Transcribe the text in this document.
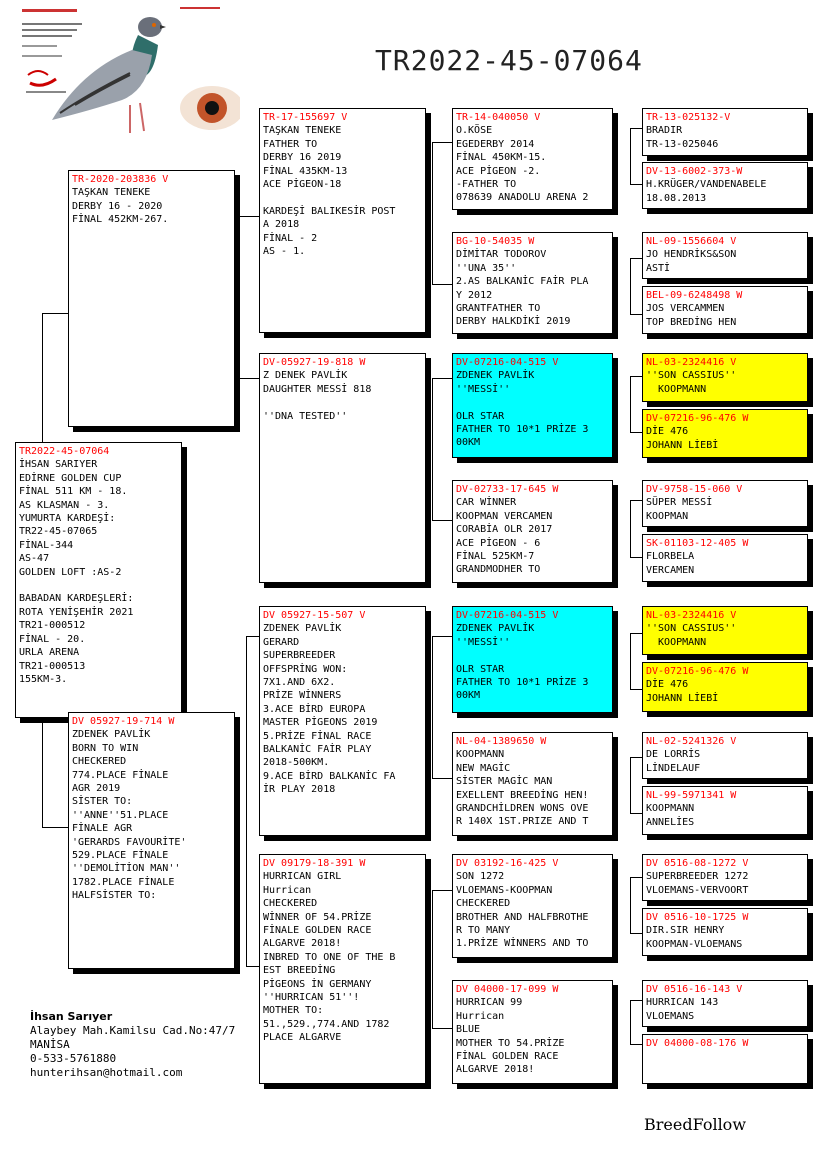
TR2022-45-07064
TR2022-45-07064
İHSAN SARIYER
EDİRNE GOLDEN CUP
FİNAL 511 KM - 18.
AS KLASMAN - 3.
YUMURTA KARDEŞİ:
TR22-45-07065
FİNAL-344
AS-47
GOLDEN LOFT :AS-2

BABADAN KARDEŞLERİ:
ROTA YENİŞEHİR 2021
TR21-000512
FİNAL - 20.
URLA ARENA
TR21-000513
155KM-3.
TR-2020-203836 V
TAŞKAN TENEKE
DERBY 16 - 2020
FİNAL 452KM-267.
DV 05927-19-714 W
ZDENEK PAVLİK
BORN TO WIN
CHECKERED
774.PLACE FİNALE
AGR 2019
SİSTER TO:
''ANNE''51.PLACE
FİNALE AGR
'GERARDS FAVOURİTE'
529.PLACE FİNALE
''DEMOLİTİON MAN''
1782.PLACE FİNALE
HALFSİSTER TO:
TR-17-155697 V
TAŞKAN TENEKE
FATHER TO
DERBY 16 2019
FİNAL 435KM-13
ACE PİGEON-18

KARDEŞİ BALIKESİR POST
A 2018
FİNAL - 2
AS - 1.
DV-05927-19-818 W
Z DENEK PAVLİK
DAUGHTER MESSİ 818

''DNA TESTED''
DV 05927-15-507 V
ZDENEK PAVLİK
GERARD
SUPERBREEDER
OFFSPRİNG WON:
7X1.AND 6X2.
PRİZE WİNNERS
3.ACE BİRD EUROPA
MASTER PİGEONS 2019
5.PRİZE FİNAL RACE
BALKANİC FAİR PLAY
2018-500KM.
9.ACE BİRD BALKANİC FA
İR PLAY 2018
DV 09179-18-391 W
HURRICAN GIRL
Hurrican
CHECKERED
WİNNER OF 54.PRİZE
FİNALE GOLDEN RACE
ALGARVE 2018!
INBRED TO ONE OF THE B
EST BREEDİNG
PİGEONS İN GERMANY
''HURRICAN 51''!
MOTHER TO:
51.,529.,774.AND 1782
PLACE ALGARVE
TR-14-040050 V
O.KÖSE
EGEDERBY 2014
FİNAL 450KM-15.
ACE PİGEON -2.
-FATHER TO
078639 ANADOLU ARENA 2
BG-10-54035 W
DİMİTAR TODOROV
''UNA 35''
2.AS BALKANİC FAİR PLA
Y 2012
GRANTFATHER TO
DERBY HALKDİKİ 2019
DV-07216-04-515 V
ZDENEK PAVLİK
''MESSİ''

OLR STAR
FATHER TO 10*1 PRİZE 3
00KM
DV-02733-17-645 W
CAR WİNNER
KOOPMAN VERCAMEN
CORABİA OLR 2017
ACE PİGEON - 6
FİNAL 525KM-7
GRANDMODHER TO
DV-07216-04-515 V
ZDENEK PAVLİK
''MESSİ''

OLR STAR
FATHER TO 10*1 PRİZE 3
00KM
NL-04-1389650 W
KOOPMANN
NEW MAGİC
SİSTER MAGİC MAN
EXELLENT BREEDİNG HEN!
GRANDCHİLDREN WONS OVE
R 140X 1ST.PRIZE AND T
DV 03192-16-425 V
SON 1272
VLOEMANS-KOOPMAN
CHECKERED
BROTHER AND HALFBROTHE
R TO MANY
1.PRİZE WİNNERS AND TO
DV 04000-17-099 W
HURRICAN 99
Hurrican
BLUE
MOTHER TO 54.PRİZE
FİNAL GOLDEN RACE
ALGARVE 2018!
TR-13-025132-V
BRADIR
TR-13-025046
DV-13-6002-373-W
H.KRÜGER/VANDENABELE
18.08.2013
NL-09-1556604 V
JO HENDRİKS&SON
ASTİ
BEL-09-6248498 W
JOS VERCAMMEN
TOP BREDİNG HEN
NL-03-2324416 V
''SON CASSIUS''
KOOPMANN
DV-07216-96-476 W
DİE 476
JOHANN LİEBİ
DV-9758-15-060 V
SÜPER MESSİ
KOOPMAN
SK-01103-12-405 W
FLORBELA
VERCAMEN
NL-03-2324416 V
''SON CASSIUS''
KOOPMANN
DV-07216-96-476 W
DİE 476
JOHANN LİEBİ
NL-02-5241326 V
DE LORRİS
LİNDELAUF
NL-99-5971341 W
KOOPMANN
ANNELİES
DV 0516-08-1272 V
SUPERBREEDER 1272
VLOEMANS-VERVOORT
DV 0516-10-1725 W
DIR.SIR HENRY
KOOPMAN-VLOEMANS
DV 0516-16-143 V
HURRICAN 143
VLOEMANS
DV 04000-08-176 W
İhsan Sarıyer
Alaybey Mah.Kamilsu Cad.No:47/7
MANİSA
0-533-5761880
hunterihsan@hotmail.com
BreedFollow
